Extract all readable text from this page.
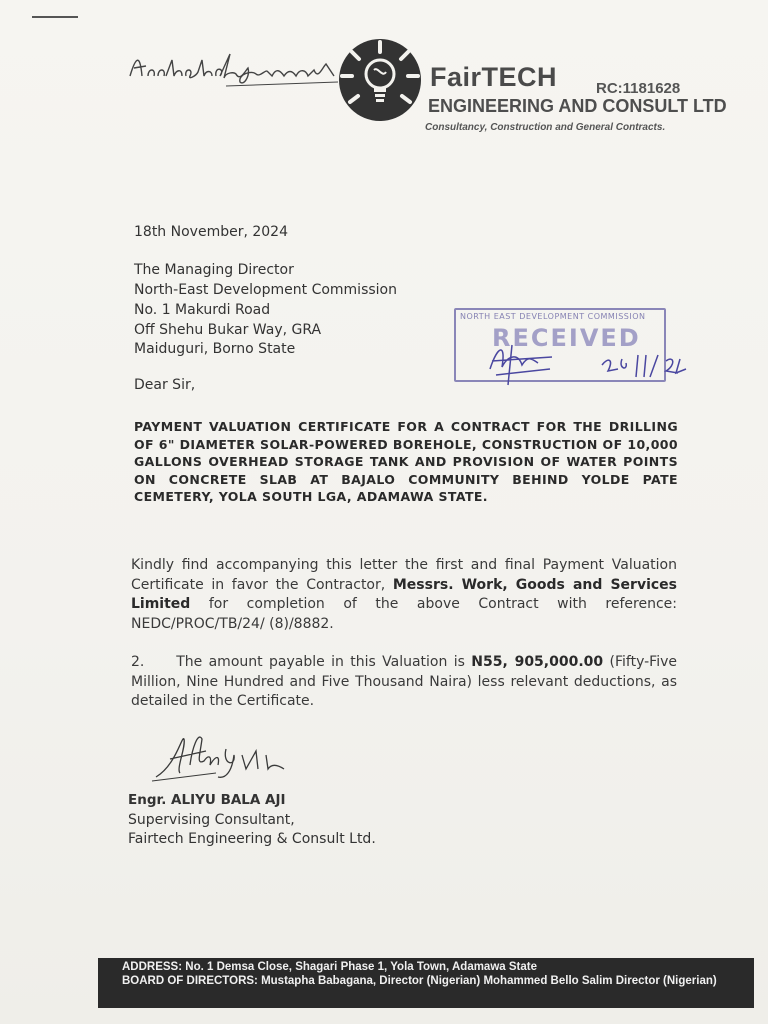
FairTECH	RC:1181628
ENGINEERING AND CONSULT LTD
Consultancy, Construction and General Contracts.
18th November, 2024
The Managing Director
North-East Development Commission
No. 1 Makurdi Road
Off Shehu Bukar Way, GRA
Maiduguri, Borno State
Dear Sir,
NORTH EAST DEVELOPMENT COMMISSION
RECEIVED
PAYMENT VALUATION CERTIFICATE FOR A CONTRACT FOR THE DRILLING OF 6" DIAMETER SOLAR-POWERED BOREHOLE, CONSTRUCTION OF 10,000 GALLONS OVERHEAD STORAGE TANK AND PROVISION OF WATER POINTS ON CONCRETE SLAB AT BAJALO COMMUNITY BEHIND YOLDE PATE CEMETERY, YOLA SOUTH LGA, ADAMAWA STATE.
Kindly find accompanying this letter the first and final Payment Valuation Certificate in favor the Contractor, Messrs. Work, Goods and Services Limited for completion of the above Contract with reference: NEDC/PROC/TB/24/ (8)/8882.
2. The amount payable in this Valuation is N55, 905,000.00 (Fifty-Five Million, Nine Hundred and Five Thousand Naira) less relevant deductions, as detailed in the Certificate.
Engr. ALIYU BALA AJI
Supervising Consultant,
Fairtech Engineering & Consult Ltd.
ADDRESS: No. 1 Demsa Close, Shagari Phase 1, Yola Town, Adamawa State
BOARD OF DIRECTORS: Mustapha Babagana, Director (Nigerian) Mohammed Bello Salim Director (Nigerian)
